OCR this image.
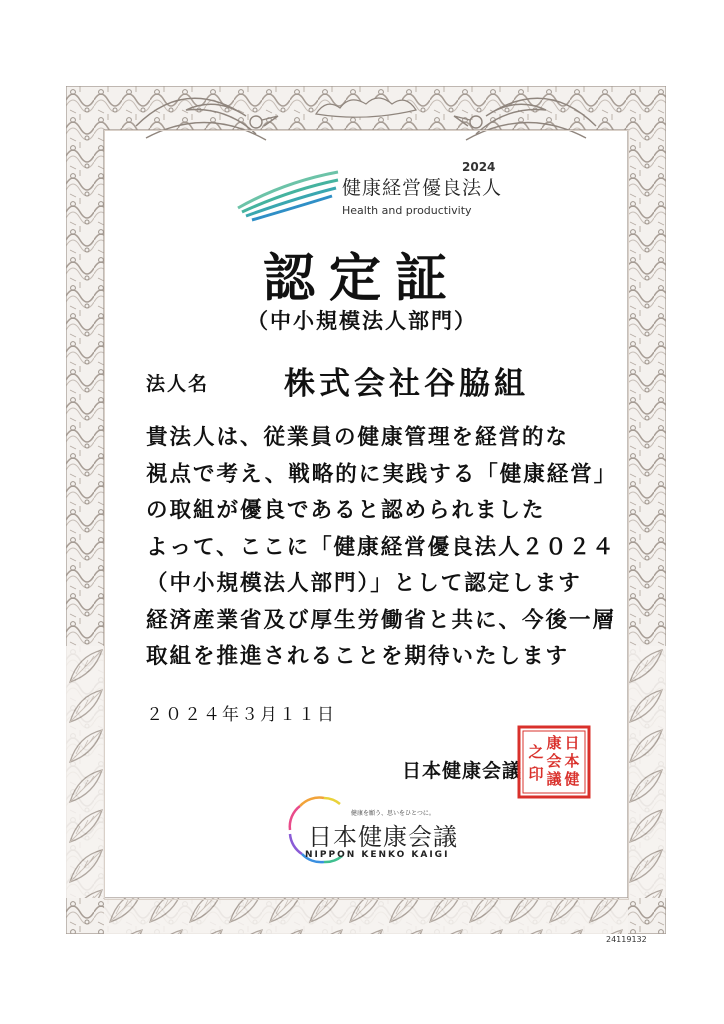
2024
健康経営優良法人
Health and productivity
認定証
（中小規模法人部門）
法人名 株式会社谷脇組
貴法人は、従業員の健康管理を経営的な
視点で考え、戦略的に実践する「健康経営」
の取組が優良であると認められました
よって、ここに「健康経営優良法人２０２４
（中小規模法人部門）」として認定します
経済産業省及び厚生労働省と共に、今後一層
取組を推進されることを期待いたします
２０２４年３月１１日
日本健康会議
日
本
健
康
会
議
之
印
健康を願う、思いをひとつに。
日本健康会議
NIPPON KENKO KAIGI
24119132
